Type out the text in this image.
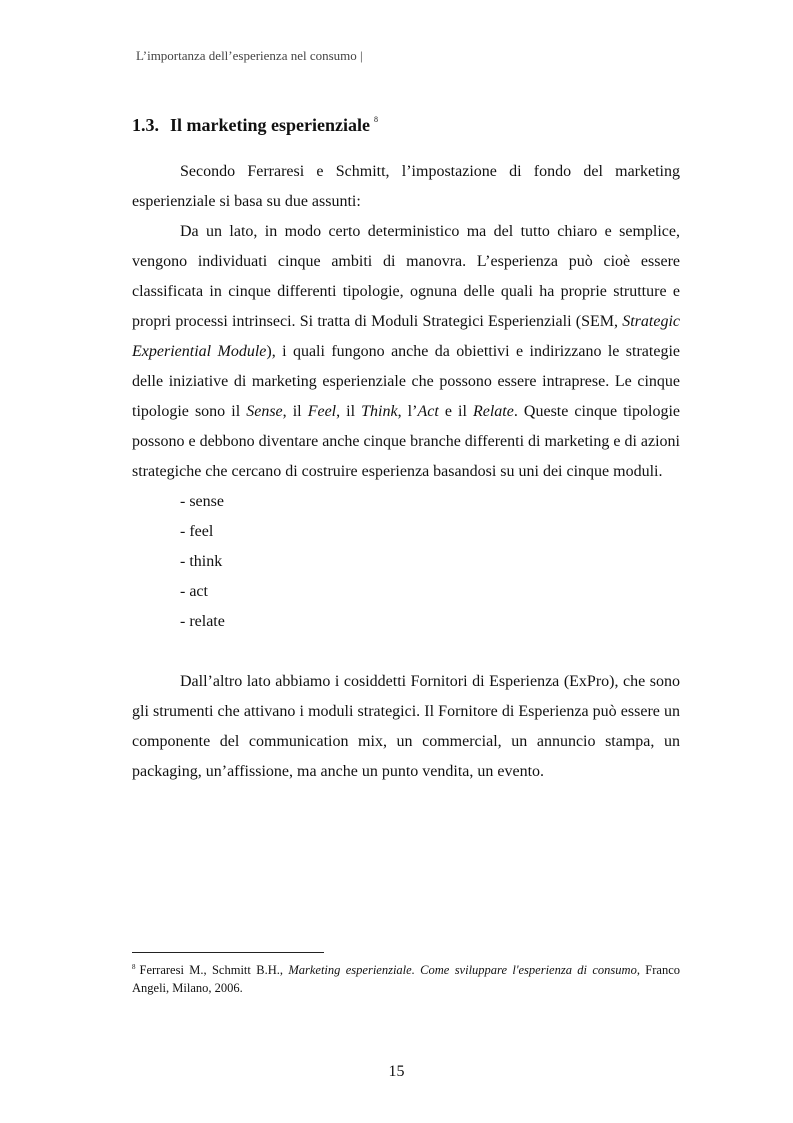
L’importanza dell’esperienza nel consumo |
1.3. Il marketing esperienziale $^8$

Secondo Ferraresi e Schmitt, l’impostazione di fondo del marketing esperienziale si basa su due assunti:

Da un lato, in modo certo deterministico ma del tutto chiaro e semplice, vengono individuati cinque ambiti di manovra. L’esperienza può cioè essere classificata in cinque differenti tipologie, ognuna delle quali ha proprie strutture e propri processi intrinseci. Si tratta di Moduli Strategici Esperienziali (SEM, Strategic Experiential Module), i quali fungono anche da obiettivi e indirizzano le strategie delle iniziative di marketing esperienziale che possono essere intraprese. Le cinque tipologie sono il Sense, il Feel, il Think, l’Act e il Relate. Queste cinque tipologie possono e debbono diventare anche cinque branche differenti di marketing e di azioni strategiche che cercano di costruire esperienza basandosi su uni dei cinque moduli.

- sense
- feel
- think
- act
- relate

Dall’altro lato abbiamo i cosiddetti Fornitori di Esperienza (ExPro), che sono gli strumenti che attivano i moduli strategici. Il Fornitore di Esperienza può essere un componente del communication mix, un commercial, un annuncio stampa, un packaging, un’affissione, ma anche un punto vendita, un evento.

$^8$ Ferraresi M., Schmitt B.H., Marketing esperienziale. Come sviluppare l'esperienza di consumo, Franco Angeli, Milano, 2006.
15
